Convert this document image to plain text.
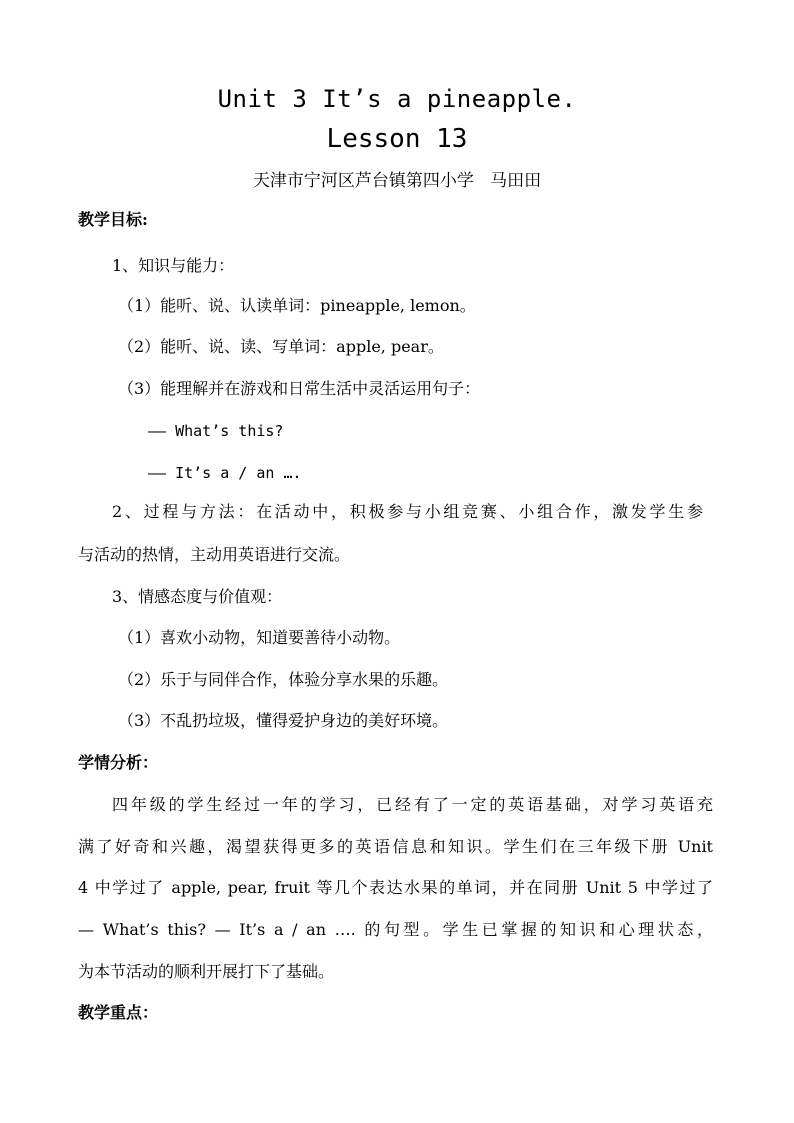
Unit 3 It’s a pineapple.
Lesson 13
天津市宁河区芦台镇第四小学   马田田
教学目标:
1、知识与能力：
（1）能听、说、认读单词：pineapple, lemon。
（2）能听、说、读、写单词：apple, pear。
（3）能理解并在游戏和日常生活中灵活运用句子：
—— What’s this?
—— It’s a / an ….
2、过程与方法：在活动中，积极参与小组竞赛、小组合作，激发学生参
与活动的热情，主动用英语进行交流。
3、情感态度与价值观：
（1）喜欢小动物，知道要善待小动物。
（2）乐于与同伴合作，体验分享水果的乐趣。
（3）不乱扔垃圾，懂得爱护身边的美好环境。
学情分析：
四年级的学生经过一年的学习，已经有了一定的英语基础，对学习英语充
满了好奇和兴趣，渴望获得更多的英语信息和知识。学生们在三年级下册 Unit
4 中学过了 apple, pear, fruit 等几个表达水果的单词，并在同册 Unit 5 中学过了
— What’s this? — It’s a / an …. 的句型。学生已掌握的知识和心理状态，
为本节活动的顺利开展打下了基础。
教学重点：
